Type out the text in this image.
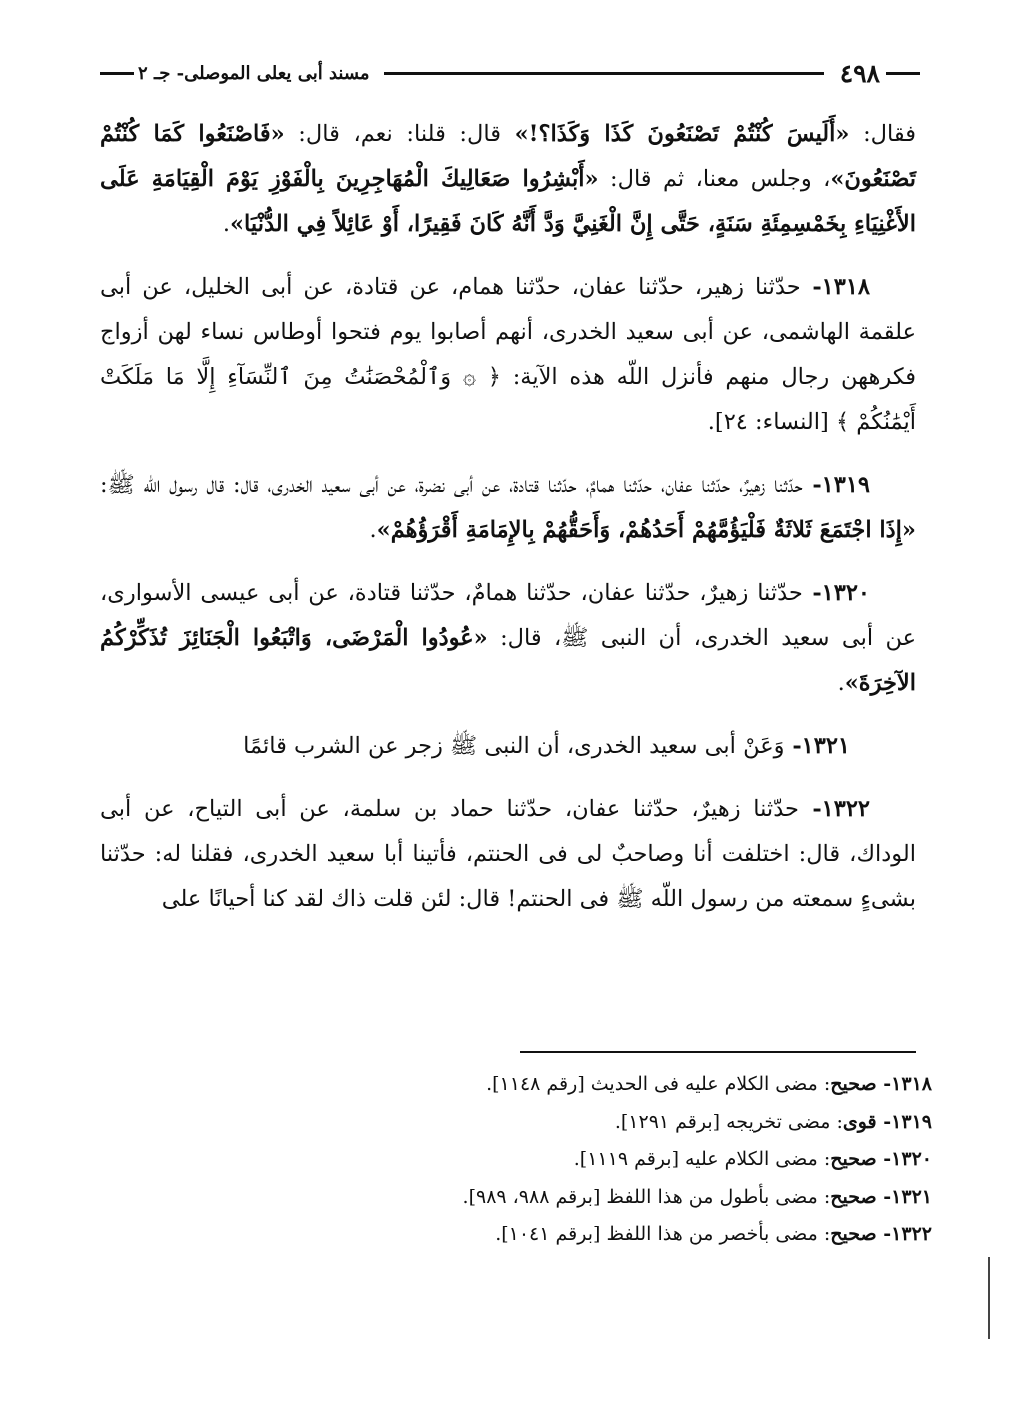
٤٩٨
مسند أبى يعلى الموصلى- جـ ٢

فقال: «أَلَيسَ كُنْتُمْ تَصْنَعُونَ كَذَا وَكَذَا؟!» قال: قلنا: نعم، قال: «فَاصْنَعُوا كَمَا كُنْتُمْ تَصْنَعُونَ»، وجلس معنا، ثم قال: «أَبْشِرُوا صَعَالِيكَ الْمُهَاجِرِينَ بِالْفَوْزِ يَوْمَ الْقِيَامَةِ عَلَى الأَغْنِيَاءِ بِخَمْسِمِئَةِ سَنَةٍ، حَتَّى إِنَّ الْغَنِيَّ وَدَّ أَنَّهُ كَانَ فَقِيرًا، أَوْ عَائِلاً فِي الدُّنْيَا».

١٣١٨- حدّثنا زهير، حدّثنا عفان، حدّثنا همام، عن قتادة، عن أبى الخليل، عن أبى علقمة الهاشمى، عن أبى سعيد الخدرى، أنهم أصابوا يوم فتحوا أوطاس نساء لهن أزواج فكرههن رجال منهم فأنزل اللّه هذه الآية: ﴿ ۞ وَٱلْمُحْصَنَٰتُ مِنَ ٱلنِّسَآءِ إِلَّا مَا مَلَكَتْ أَيْمَٰنُكُمْ ﴾ [النساء: ٢٤].

١٣١٩- حدّثنا زهيرٌ، حدّثنا عفان، حدّثنا همامٌ، حدّثنا قتادة، عن أبى نضرة، عن أبى سعيد الخدرى، قال: قال رسول اللّه ﷺ: «إِذَا اجْتَمَعَ ثَلاثَةٌ فَلْيَؤُمَّهُمْ أَحَدُهُمْ، وَأَحَقُّهُمْ بِالإِمَامَةِ أَقْرَؤُهُمْ».

١٣٢٠- حدّثنا زهيرٌ، حدّثنا عفان، حدّثنا همامٌ، حدّثنا قتادة، عن أبى عيسى الأسوارى، عن أبى سعيد الخدرى، أن النبى ﷺ، قال: «عُودُوا الْمَرْضَى، وَاتْبَعُوا الْجَنَائِزَ تُذَكِّرْكُمُ الآخِرَةَ».

١٣٢١- وَعَنْ أبى سعيد الخدرى، أن النبى ﷺ زجر عن الشرب قائمًا

١٣٢٢- حدّثنا زهيرٌ، حدّثنا عفان، حدّثنا حماد بن سلمة، عن أبى التياح، عن أبى الوداك، قال: اختلفت أنا وصاحبٌ لى فى الحنتم، فأتينا أبا سعيد الخدرى، فقلنا له: حدّثنا بشىءٍ سمعته من رسول اللّه ﷺ فى الحنتم! قال: لئن قلت ذاك لقد كنا أحيانًا على

١٣١٨- صحيح: مضى الكلام عليه فى الحديث [رقم ١١٤٨].
١٣١٩- قوى: مضى تخريجه [برقم ١٢٩١].
١٣٢٠- صحيح: مضى الكلام عليه [برقم ١١١٩].
١٣٢١- صحيح: مضى بأطول من هذا اللفظ [برقم ٩٨٨، ٩٨٩].
١٣٢٢- صحيح: مضى بأخصر من هذا اللفظ [برقم ١٠٤١].
